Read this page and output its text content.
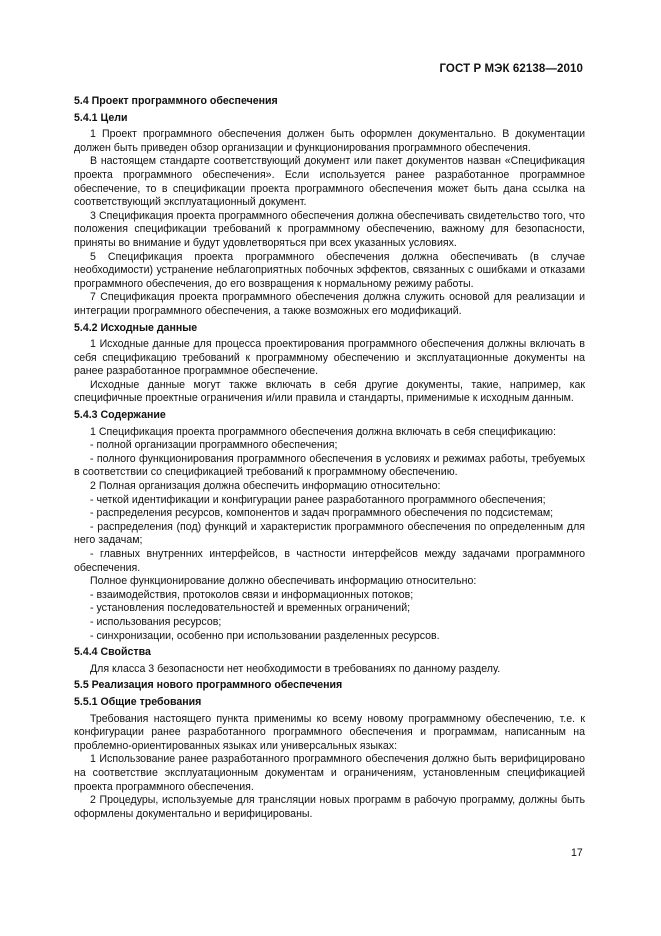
ГОСТ Р МЭК 62138—2010
5.4 Проект программного обеспечения
5.4.1 Цели

1 Проект программного обеспечения должен быть оформлен документально. В документации должен быть приведен обзор организации и функционирования программного обеспечения.

В настоящем стандарте соответствующий документ или пакет документов назван «Спецификация проекта программного обеспечения». Если используется ранее разработанное программное обеспечение, то в спецификации проекта программного обеспечения может быть дана ссылка на соответствующий эксплуатационный документ.

3 Спецификация проекта программного обеспечения должна обеспечивать свидетельство того, что положения спецификации требований к программному обеспечению, важному для безопасности, приняты во внимание и будут удовлетворяться при всех указанных условиях.

5 Спецификация проекта программного обеспечения должна обеспечивать (в случае необходимости) устранение неблагоприятных побочных эффектов, связанных с ошибками и отказами программного обеспечения, до его возвращения к нормальному режиму работы.

7 Спецификация проекта программного обеспечения должна служить основой для реализации и интеграции программного обеспечения, а также возможных его модификаций.

5.4.2 Исходные данные

1 Исходные данные для процесса проектирования программного обеспечения должны включать в себя спецификацию требований к программному обеспечению и эксплуатационные документы на ранее разработанное программное обеспечение.

Исходные данные могут также включать в себя другие документы, такие, например, как специфичные проектные ограничения и/или правила и стандарты, применимые к исходным данным.

5.4.3 Содержание

1 Спецификация проекта программного обеспечения должна включать в себя спецификацию:

- полной организации программного обеспечения;

- полного функционирования программного обеспечения в условиях и режимах работы, требуемых в соответствии со спецификацией требований к программному обеспечению.

2 Полная организация должна обеспечить информацию относительно:

- четкой идентификации и конфигурации ранее разработанного программного обеспечения;

- распределения ресурсов, компонентов и задач программного обеспечения по подсистемам;

- распределения (под) функций и характеристик программного обеспечения по определенным для него задачам;

- главных внутренних интерфейсов, в частности интерфейсов между задачами программного обеспечения.

Полное функционирование должно обеспечивать информацию относительно:

- взаимодействия, протоколов связи и информационных потоков;

- установления последовательностей и временных ограничений;

- использования ресурсов;

- синхронизации, особенно при использовании разделенных ресурсов.

5.4.4 Свойства

Для класса 3 безопасности нет необходимости в требованиях по данному разделу.

5.5 Реализация нового программного обеспечения
5.5.1 Общие требования

Требования настоящего пункта применимы ко всему новому программному обеспечению, т.е. к конфигурации ранее разработанного программного обеспечения и программам, написанным на проблемно-ориентированных языках или универсальных языках:

1 Использование ранее разработанного программного обеспечения должно быть верифицировано на соответствие эксплуатационным документам и ограничениям, установленным спецификацией проекта программного обеспечения.

2 Процедуры, используемые для трансляции новых программ в рабочую программу, должны быть оформлены документально и верифицированы.

17
